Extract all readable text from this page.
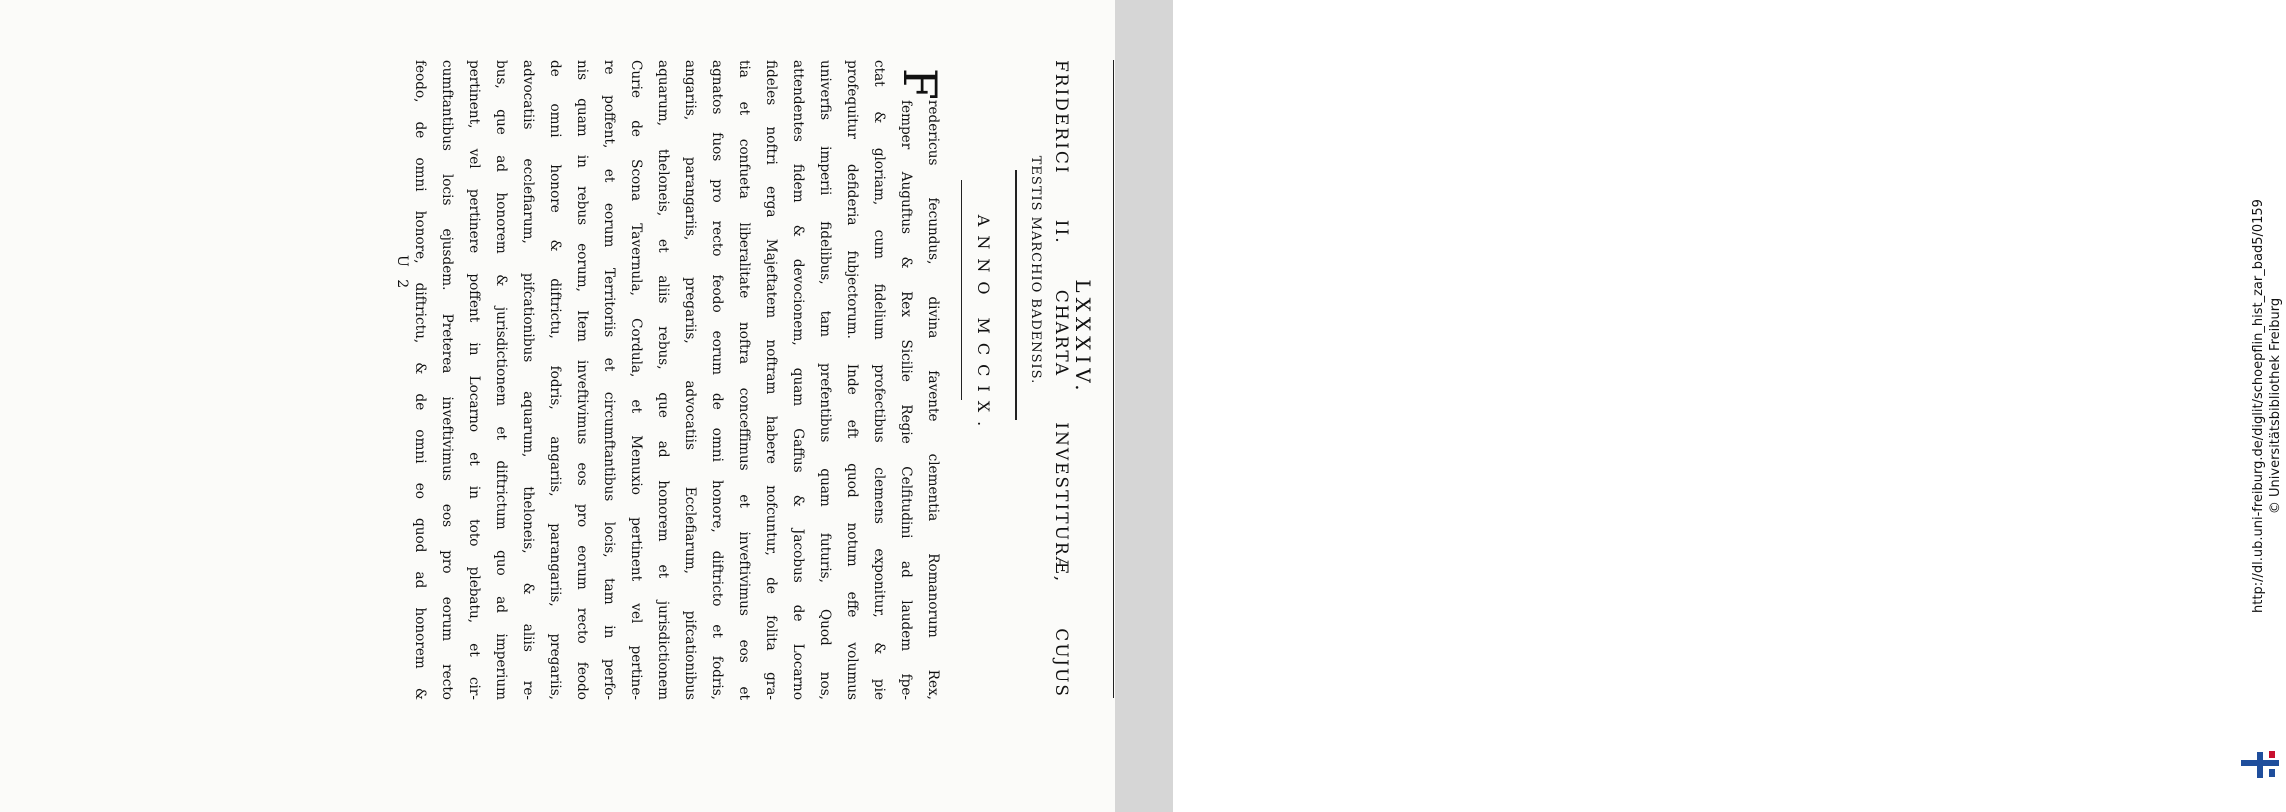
LXXXIV.
FRIDERICI
II.
CHARTA
INVESTITURÆ,
CUJUS
TESTIS MARCHIO BADENSIS.
ANNO MCCIX.
F
redericus fecundus, divina favente clementia Romanorum Rex,
femper Auguftus & Rex Sicilie Regie Celfitudini ad laudem fpe-
ctat & gloriam, cum fidelium profectibus clemens exponitur, & pie
profequitur defideria fubjectorum. Inde eft quod notum effe volumus
univerfis imperii fidelibus, tam prefentibus quam futuris, Quod nos,
attendentes fidem & devocionem, quam Gaffus & Jacobus de Locarno
fideles noftri erga Majeftatem noftram habere nofcuntur, de folita gra-
tia et confueta liberalitate noftra conceffimus et inveftivimus eos et
agnatos fuos pro recto feodo eorum de omni honore, diftricto et fodris,
angariis, parangariis, pregariis, advocatiis Ecclefiarum, pifcationibus
aquarum, theloneis, et aliis rebus, que ad honorem et jurisdictionem
Curie de Scona Tavernula, Cordula, et Menuxio pertinent vel pertine-
re poffent, et eorum Territoriis et circumftantibus locis, tam in perfo-
nis quam in rebus eorum, Item inveftivimus eos pro eorum recto feodo
de omni honore & diftrictu, fodris, angariis, parangariis, pregariis,
advocatiis ecclefiarum, pifcationibus aquarum, theloneis, & aliis re-
bus, que ad honorem & jurisdictionem et diftrictum quo ad imperium
pertinent, vel pertinere poffent in Locarno et in toto plebatu, et cir-
cumftantibus locis ejusdem. Preterea inveftivimus eos pro eorum recto
feodo, de omni honore, diftrictu, & de omni eo quod ad honorem &
U 2	http://dl.ub.uni-freiburg.de/diglit/schoepflin_hist_zar_bad5/0159 © Universitätsbibliothek Freiburg
